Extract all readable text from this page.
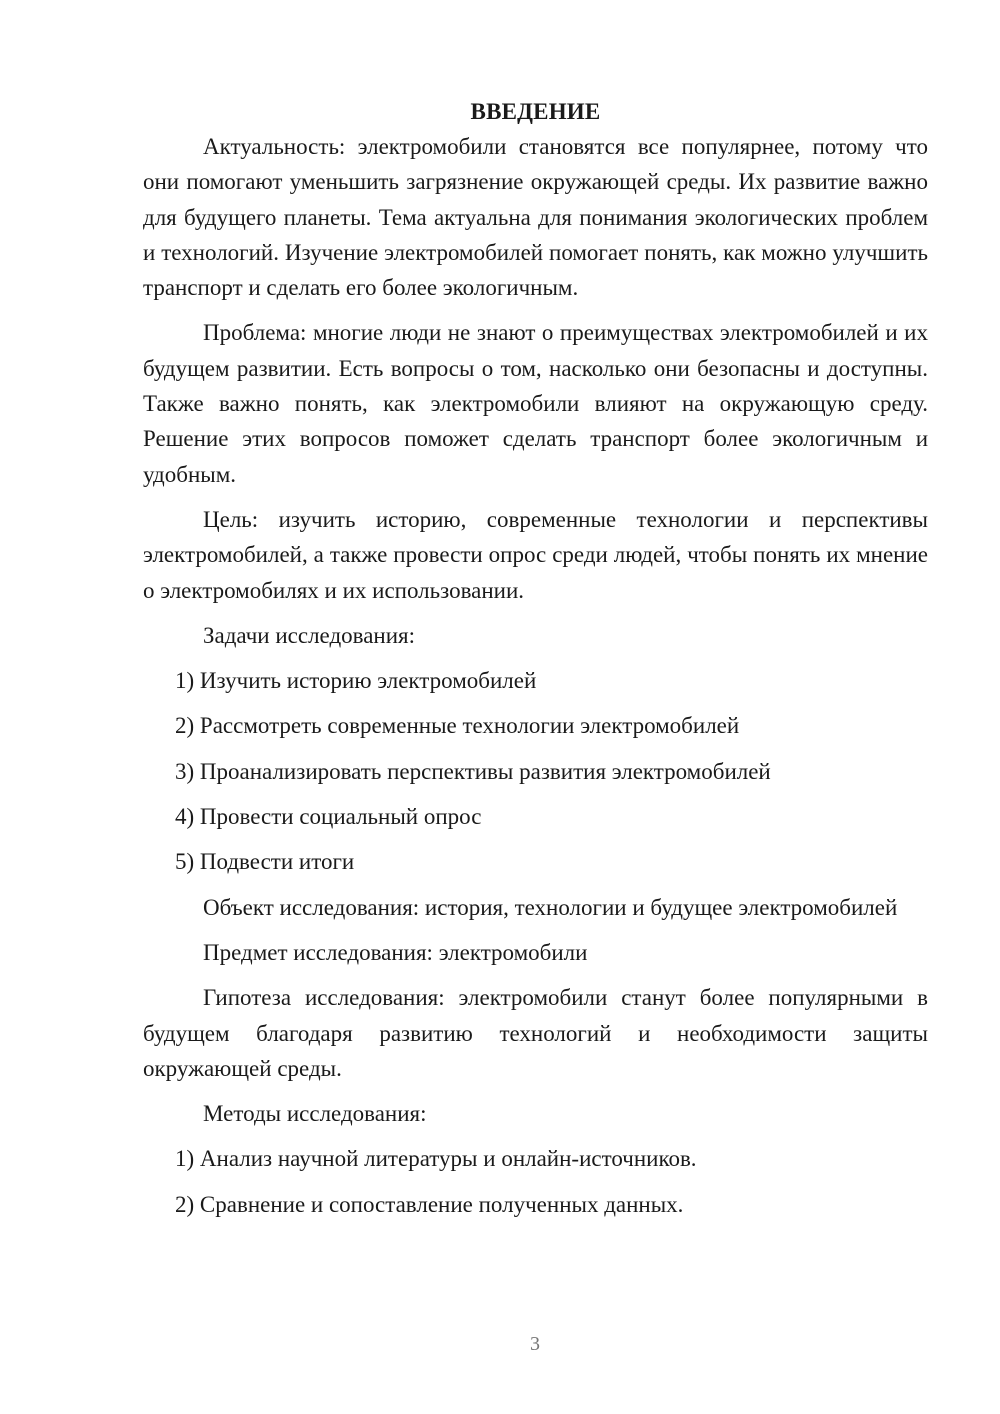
ВВЕДЕНИЕ

Актуальность: электромобили становятся все популярнее, потому что они помогают уменьшить загрязнение окружающей среды. Их развитие важно для будущего планеты. Тема актуальна для понимания экологических проблем и технологий. Изучение электромобилей помогает понять, как можно улучшить транспорт и сделать его более экологичным.

Проблема: многие люди не знают о преимуществах электромобилей и их будущем развитии. Есть вопросы о том, насколько они безопасны и доступны. Также важно понять, как электромобили влияют на окружающую среду. Решение этих вопросов поможет сделать транспорт более экологичным и удобным.

Цель: изучить историю, современные технологии и перспективы электромобилей, а также провести опрос среди людей, чтобы понять их мнение о электромобилях и их использовании.

Задачи исследования:

1) Изучить историю электромобилей

2) Рассмотреть современные технологии электромобилей

3) Проанализировать перспективы развития электромобилей

4) Провести социальный опрос

5) Подвести итоги

Объект исследования: история, технологии и будущее электромобилей

Предмет исследования: электромобили

Гипотеза исследования: электромобили станут более популярными в будущем благодаря развитию технологий и необходимости защиты окружающей среды.

Методы исследования:

1) Анализ научной литературы и онлайн-источников.

2) Сравнение и сопоставление полученных данных.

3
